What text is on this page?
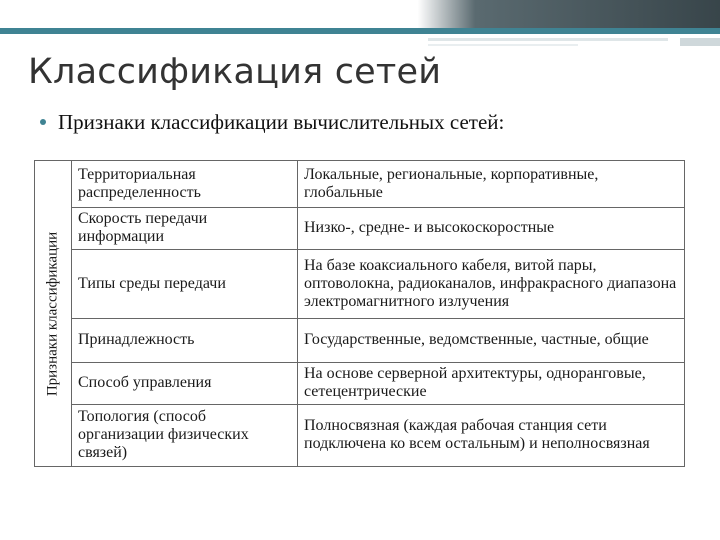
Классификация сетей
Признаки классификации вычислительных сетей:
Признаки классификации
Территориальная распределенность	Локальные, региональные, корпоративные, глобальные
Скорость передачи информации	Низко-, средне- и высокоскоростные
Типы среды передачи	На базе коаксиального кабеля, витой пары, оптоволокна, радиоканалов, инфракрасного диапазона электромагнитного излучения
Принадлежность	Государственные, ведомственные, частные, общие
Способ управления	На основе серверной архитектуры, одноранговые, сетецентрические
Топология (способ организации физических связей)	Полносвязная (каждая рабочая станция сети подключена ко всем остальным) и неполносвязная
